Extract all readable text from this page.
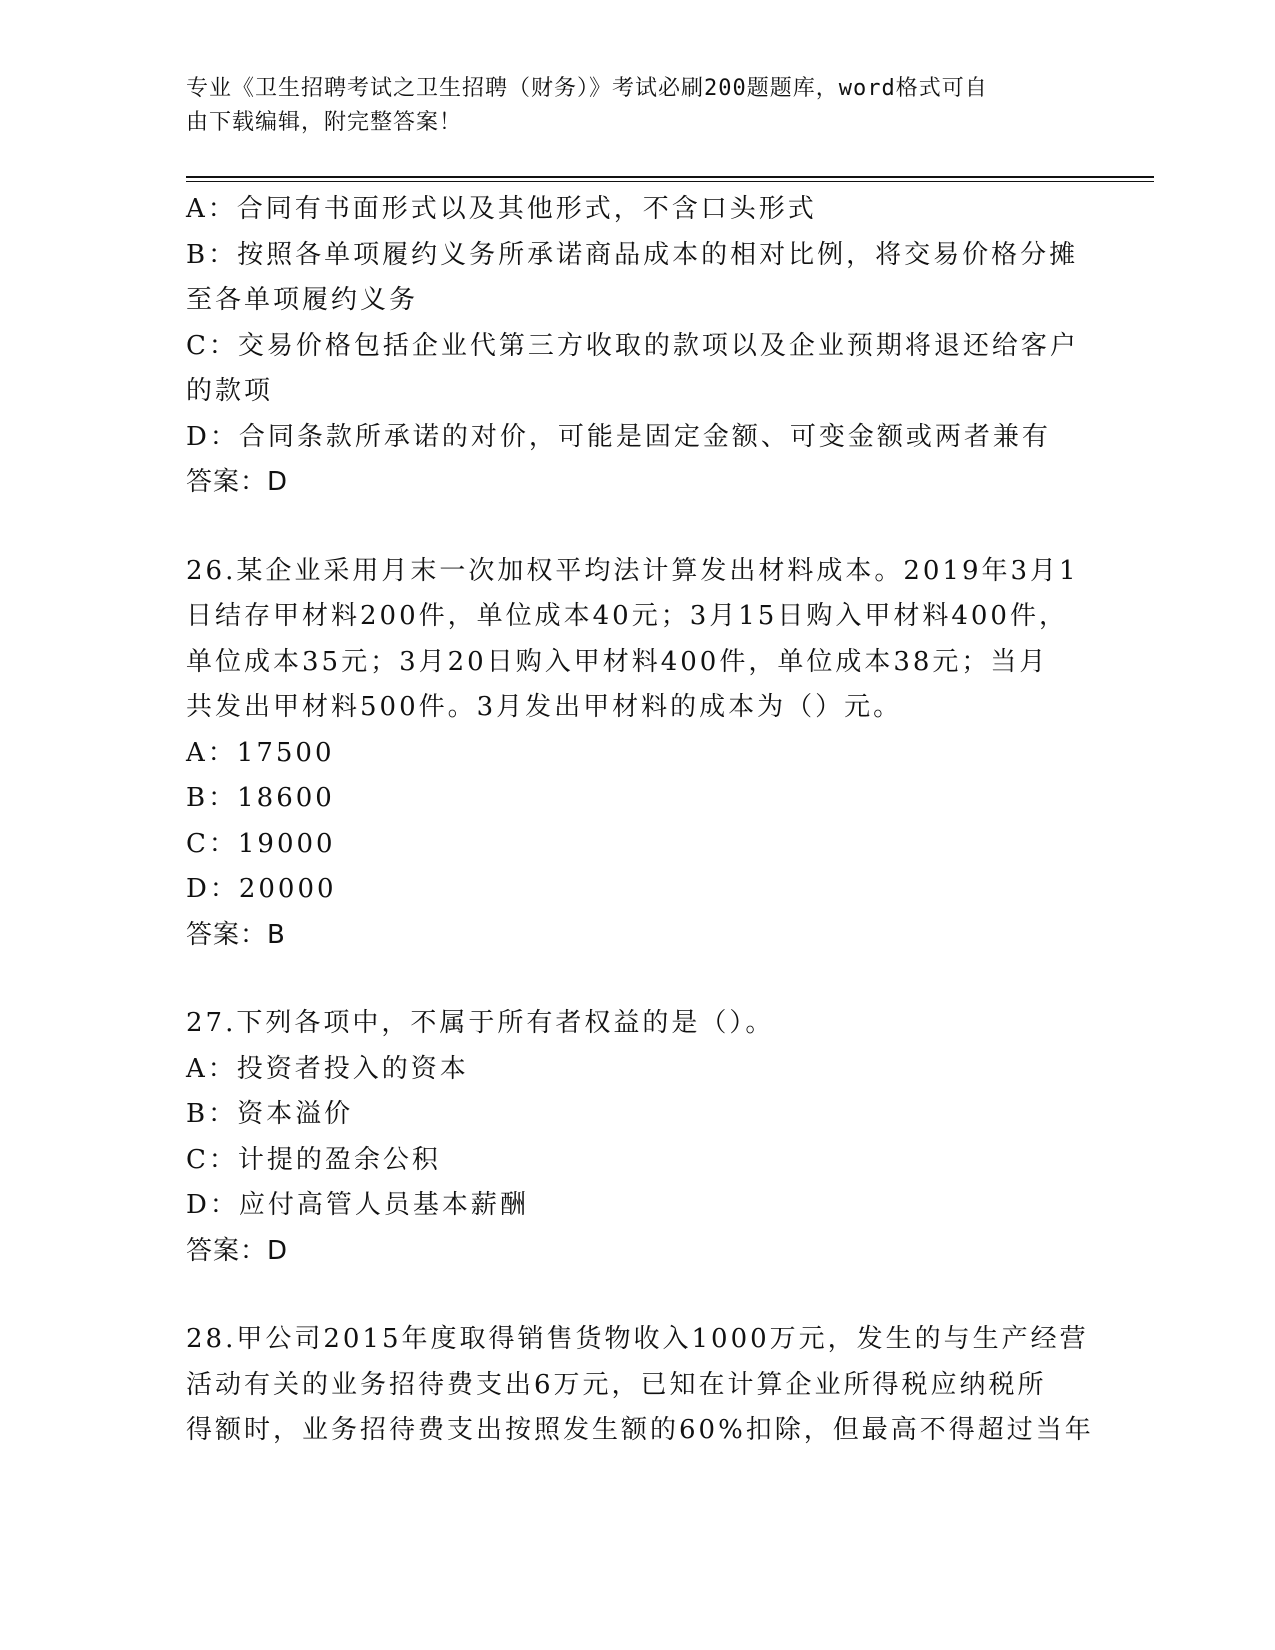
专业《卫生招聘考试之卫生招聘（财务）》考试必刷200题题库，word格式可自
由下载编辑，附完整答案！
A：合同有书面形式以及其他形式，不含口头形式
B：按照各单项履约义务所承诺商品成本的相对比例，将交易价格分摊
至各单项履约义务
C：交易价格包括企业代第三方收取的款项以及企业预期将退还给客户
的款项
D：合同条款所承诺的对价，可能是固定金额、可变金额或两者兼有
答案：D
26.某企业采用月末一次加权平均法计算发出材料成本。2019年3月1
日结存甲材料200件，单位成本40元；3月15日购入甲材料400件，
单位成本35元；3月20日购入甲材料400件，单位成本38元；当月
共发出甲材料500件。3月发出甲材料的成本为（）元。
A：17500
B：18600
C：19000
D：20000
答案：B
27.下列各项中，不属于所有者权益的是（）。
A：投资者投入的资本
B：资本溢价
C：计提的盈余公积
D：应付高管人员基本薪酬
答案：D
28.甲公司2015年度取得销售货物收入1000万元，发生的与生产经营
活动有关的业务招待费支出6万元，已知在计算企业所得税应纳税所
得额时，业务招待费支出按照发生额的60%扣除，但最高不得超过当年
